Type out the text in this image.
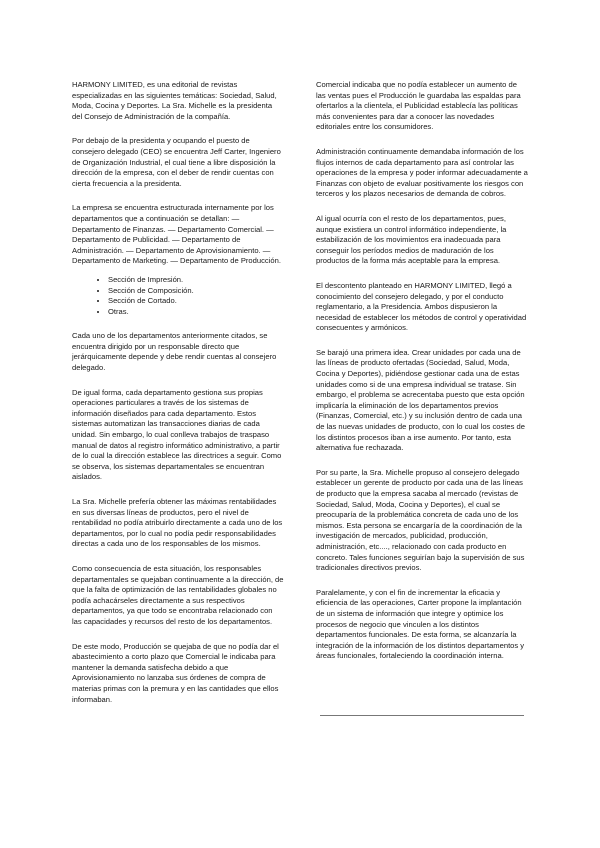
HARMONY LIMITED, es una editorial de revistas especializadas en las siguientes temáticas: Sociedad, Salud, Moda, Cocina y Deportes. La Sra. Michelle es la presidenta del Consejo de Administración de la compañía.

Por debajo de la presidenta y ocupando el puesto de consejero delegado (CEO) se encuentra Jeff Carter, Ingeniero de Organización Industrial, el cual tiene a libre disposición la dirección de la empresa, con el deber de rendir cuentas con cierta frecuencia a la presidenta.

La empresa se encuentra estructurada internamente por los departamentos que a continuación se detallan: — Departamento de Finanzas. — Departamento Comercial. — Departamento de Publicidad. — Departamento de Administración. — Departamento de Aprovisionamiento. — Departamento de Marketing. — Departamento de Producción.

• Sección de Impresión.
• Sección de Composición.
• Sección de Cortado.
• Otras.

Cada uno de los departamentos anteriormente citados, se encuentra dirigido por un responsable directo que jerárquicamente depende y debe rendir cuentas al consejero delegado.

De igual forma, cada departamento gestiona sus propias operaciones particulares a través de los sistemas de información diseñados para cada departamento. Estos sistemas automatizan las transacciones diarias de cada unidad. Sin embargo, lo cual conlleva trabajos de traspaso manual de datos al registro informático administrativo, a partir de lo cual la dirección establece las directrices a seguir. Como se observa, los sistemas departamentales se encuentran aislados.

La Sra. Michelle prefería obtener las máximas rentabilidades en sus diversas líneas de productos, pero el nivel de rentabilidad no podía atribuirlo directamente a cada uno de los departamentos, por lo cual no podía pedir responsabilidades directas a cada uno de los responsables de los mismos.

Como consecuencia de esta situación, los responsables departamentales se quejaban continuamente a la dirección, de que la falta de optimización de las rentabilidades globales no podía achacárseles directamente a sus respectivos departamentos, ya que todo se encontraba relacionado con las capacidades y recursos del resto de los departamentos.

De este modo, Producción se quejaba de que no podía dar el abastecimiento a corto plazo que Comercial le indicaba para mantener la demanda satisfecha debido a que Aprovisionamiento no lanzaba sus órdenes de compra de materias primas con la premura y en las cantidades que ellos informaban.

Comercial indicaba que no podía establecer un aumento de las ventas pues el Producción le guardaba las espaldas para ofertarlos a la clientela, el Publicidad establecía las políticas más convenientes para dar a conocer las novedades editoriales entre los consumidores.

Administración continuamente demandaba información de los flujos internos de cada departamento para así controlar las operaciones de la empresa y poder informar adecuadamente a Finanzas con objeto de evaluar positivamente los riesgos con terceros y los plazos necesarios de demanda de cobros.

Al igual ocurría con el resto de los departamentos, pues, aunque existiera un control informático independiente, la estabilización de los movimientos era inadecuada para conseguir los períodos medios de maduración de los productos de la forma más aceptable para la empresa.

El descontento planteado en HARMONY LIMITED, llegó a conocimiento del consejero delegado, y por el conducto reglamentario, a la Presidencia. Ambos dispusieron la necesidad de establecer los métodos de control y operatividad consecuentes y armónicos.

Se barajó una primera idea. Crear unidades por cada una de las líneas de producto ofertadas (Sociedad, Salud, Moda, Cocina y Deportes), pidiéndose gestionar cada una de estas unidades como si de una empresa individual se tratase. Sin embargo, el problema se acrecentaba puesto que esta opción implicaría la eliminación de los departamentos previos (Finanzas, Comercial, etc.) y su inclusión dentro de cada una de las nuevas unidades de producto, con lo cual los costes de los distintos procesos iban a irse aumento. Por tanto, esta alternativa fue rechazada.

Por su parte, la Sra. Michelle propuso al consejero delegado establecer un gerente de producto por cada una de las líneas de producto que la empresa sacaba al mercado (revistas de Sociedad, Salud, Moda, Cocina y Deportes), el cual se preocuparía de la problemática concreta de cada uno de los mismos. Esta persona se encargaría de la coordinación de la investigación de mercados, publicidad, producción, administración, etc...., relacionado con cada producto en concreto. Tales funciones seguirían bajo la supervisión de sus tradicionales directivos previos.

Paralelamente, y con el fin de incrementar la eficacia y eficiencia de las operaciones, Carter propone la implantación de un sistema de información que integre y optimice los procesos de negocio que vinculen a los distintos departamentos funcionales. De esta forma, se alcanzaría la integración de la información de los distintos departamentos y áreas funcionales, fortaleciendo la coordinación interna.
